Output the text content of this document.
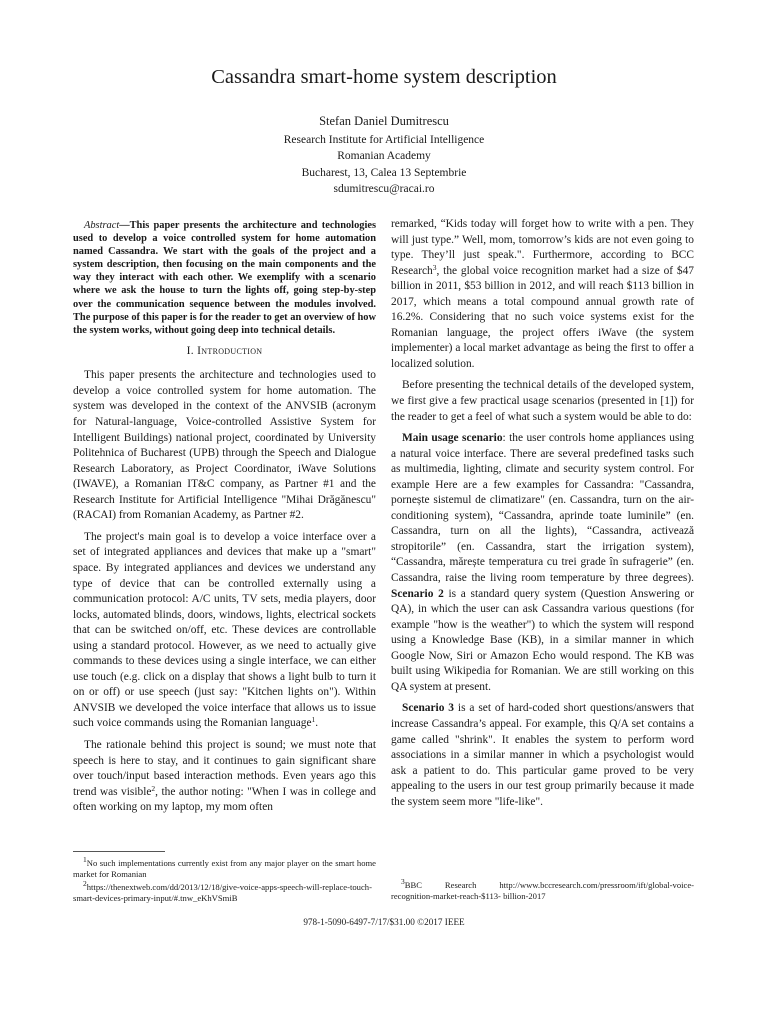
Cassandra smart-home system description
Stefan Daniel Dumitrescu
Research Institute for Artificial Intelligence
Romanian Academy
Bucharest, 13, Calea 13 Septembrie
sdumitrescu@racai.ro

Abstract—This paper presents the architecture and technologies used to develop a voice controlled system for home automation named Cassandra. We start with the goals of the project and a system description, then focusing on the main components and the way they interact with each other. We exemplify with a scenario where we ask the house to turn the lights off, going step-by-step over the communication sequence between the modules involved. The purpose of this paper is for the reader to get an overview of how the system works, without going deep into technical details.

I. Introduction

This paper presents the architecture and technologies used to develop a voice controlled system for home automation. The system was developed in the context of the ANVSIB (acronym for Natural-language, Voice-controlled Assistive System for Intelligent Buildings) national project, coordinated by University Politehnica of Bucharest (UPB) through the Speech and Dialogue Research Laboratory, as Project Coordinator, iWave Solutions (IWAVE), a Romanian IT&C company, as Partner #1 and the Research Institute for Artificial Intelligence "Mihai Drăgănescu" (RACAI) from Romanian Academy, as Partner #2.

The project's main goal is to develop a voice interface over a set of integrated appliances and devices that make up a "smart" space. By integrated appliances and devices we understand any type of device that can be controlled externally using a communication protocol: A/C units, TV sets, media players, door locks, automated blinds, doors, windows, lights, electrical sockets that can be switched on/off, etc. These devices are controllable using a standard protocol. However, as we need to actually give commands to these devices using a single interface, we can either use touch (e.g. click on a display that shows a light bulb to turn it on or off) or use speech (just say: "Kitchen lights on"). Within ANVSIB we developed the voice interface that allows us to issue such voice commands using the Romanian language$^1$.

The rationale behind this project is sound; we must note that speech is here to stay, and it continues to gain significant share over touch/input based interaction methods. Even years ago this trend was visible$^2$, the author noting: "When I was in college and often working on my laptop, my mom often

remarked, “Kids today will forget how to write with a pen. They will just type.” Well, mom, tomorrow’s kids are not even going to type. They’ll just speak.". Furthermore, according to BCC Research$^3$, the global voice recognition market had a size of $47 billion in 2011, $53 billion in 2012, and will reach $113 billion in 2017, which means a total compound annual growth rate of 16.2%. Considering that no such voice systems exist for the Romanian language, the project offers iWave (the system implementer) a local market advantage as being the first to offer a localized solution.

Before presenting the technical details of the developed system, we first give a few practical usage scenarios (presented in [1]) for the reader to get a feel of what such a system would be able to do:

Main usage scenario: the user controls home appliances using a natural voice interface. There are several predefined tasks such as multimedia, lighting, climate and security system control. For example Here are a few examples for Cassandra: "Cassandra, pornește sistemul de climatizare" (en. Cassandra, turn on the air-conditioning system), “Cassandra, aprinde toate luminile” (en. Cassandra, turn on all the lights), “Cassandra, activează stropitorile” (en. Cassandra, start the irrigation system), “Cassandra, mărește temperatura cu trei grade în sufragerie” (en. Cassandra, raise the living room temperature by three degrees). Scenario 2 is a standard query system (Question Answering or QA), in which the user can ask Cassandra various questions (for example "how is the weather") to which the system will respond using a Knowledge Base (KB), in a similar manner in which Google Now, Siri or Amazon Echo would respond. The KB was built using Wikipedia for Romanian. We are still working on this QA system at present.

Scenario 3 is a set of hard-coded short questions/answers that increase Cassandra’s appeal. For example, this Q/A set contains a game called "shrink". It enables the system to perform word associations in a similar manner in which a psychologist would ask a patient to do. This particular game proved to be very appealing to the users in our test group primarily because it made the system seem more "life-like".

$^1$No such implementations currently exist from any major player on the smart home market for Romanian

$^2$https://thenextweb.com/dd/2013/12/18/give-voice-apps-speech-will-replace-touch-smart-devices-primary-input/#.tnw_eKhVSmiB

$^3$BBC Research http://www.bccresearch.com/pressroom/ift/global-voice-recognition-market-reach-$113- billion-2017

978-1-5090-6497-7/17/$31.00 ©2017 IEEE
